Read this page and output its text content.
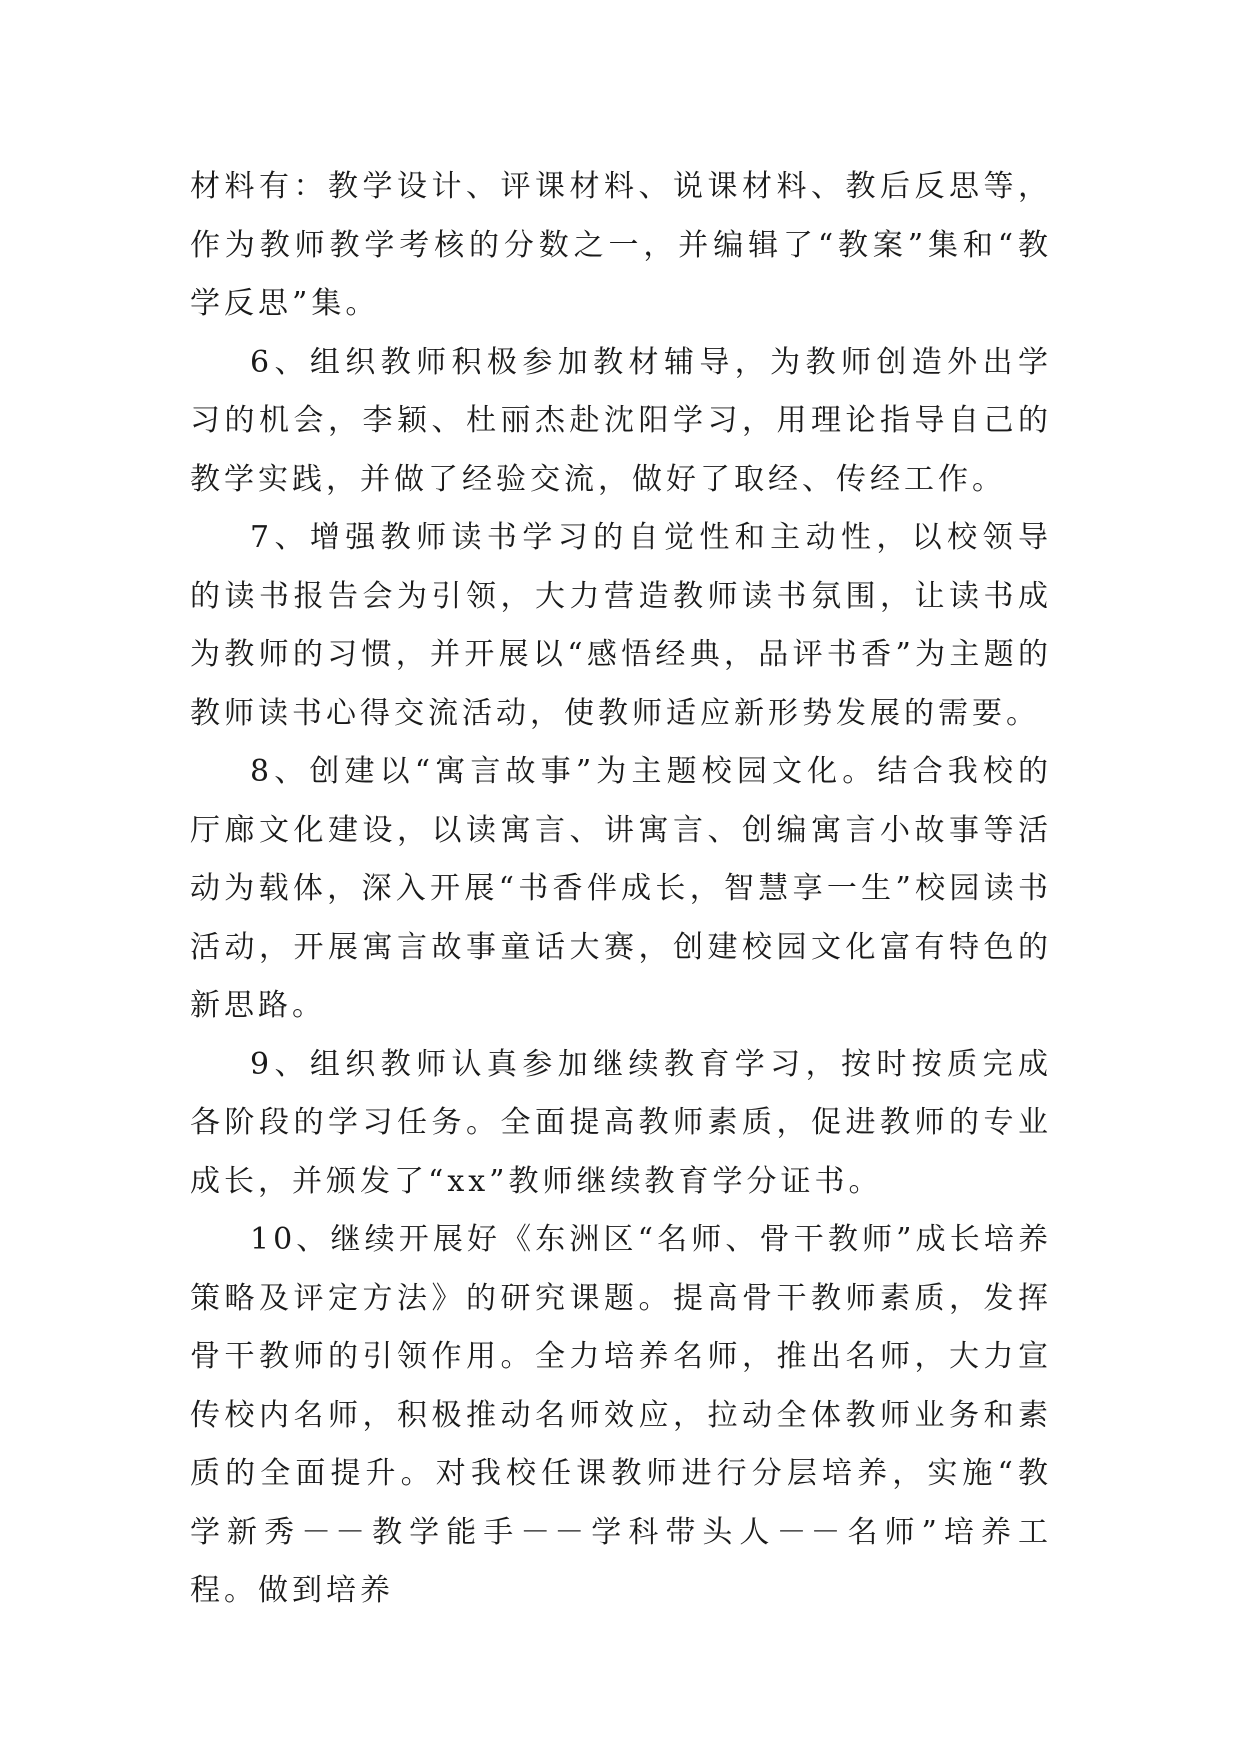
材料有：教学设计、评课材料、说课材料、教后反思等，作为教师教学考核的分数之一，并编辑了“教案”集和“教学反思”集。

6、组织教师积极参加教材辅导，为教师创造外出学习的机会，李颖、杜丽杰赴沈阳学习，用理论指导自己的教学实践，并做了经验交流，做好了取经、传经工作。

7、增强教师读书学习的自觉性和主动性，以校领导的读书报告会为引领，大力营造教师读书氛围，让读书成为教师的习惯，并开展以“感悟经典，品评书香”为主题的教师读书心得交流活动，使教师适应新形势发展的需要。

8、创建以“寓言故事”为主题校园文化。结合我校的厅廊文化建设，以读寓言、讲寓言、创编寓言小故事等活动为载体，深入开展“书香伴成长，智慧享一生”校园读书活动，开展寓言故事童话大赛，创建校园文化富有特色的新思路。

9、组织教师认真参加继续教育学习，按时按质完成各阶段的学习任务。全面提高教师素质，促进教师的专业成长，并颁发了“xx”教师继续教育学分证书。

10、继续开展好《东洲区“名师、骨干教师”成长培养策略及评定方法》的研究课题。提高骨干教师素质，发挥骨干教师的引领作用。全力培养名师，推出名师，大力宣传校内名师，积极推动名师效应，拉动全体教师业务和素质的全面提升。对我校任课教师进行分层培养，实施“教学新秀－－教学能手－－学科带头人－－名师”培养工程。做到培养
